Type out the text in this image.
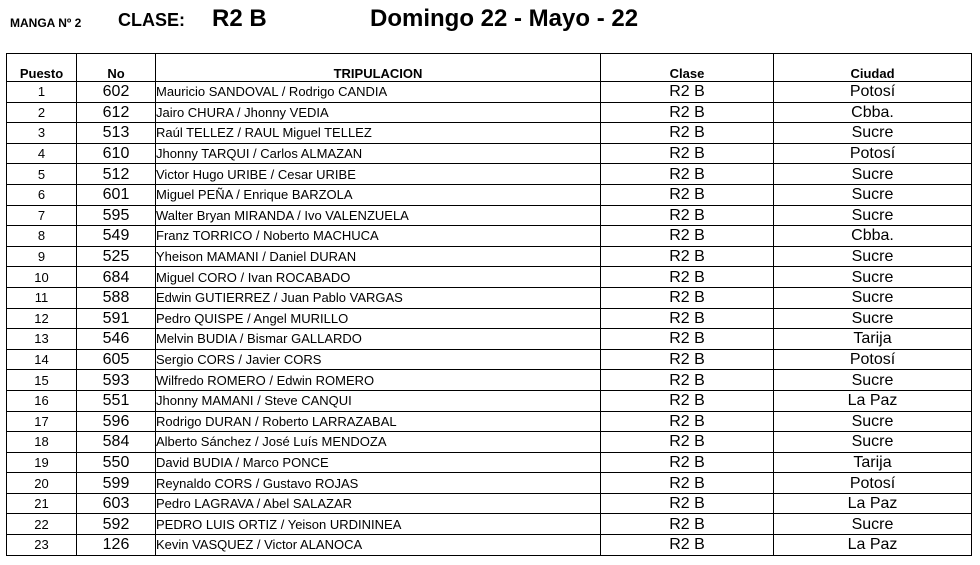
MANGA Nº 2 CLASE: R2 B	Domingo 22 - Mayo - 22
Puesto	No	TRIPULACION	Clase	Ciudad
1	602	Mauricio SANDOVAL / Rodrigo CANDIA	R2 B	Potosí
2	612	Jairo CHURA / Jhonny VEDIA	R2 B	Cbba.
3	513	Raúl TELLEZ / RAUL Miguel TELLEZ	R2 B	Sucre
4	610	Jhonny TARQUI / Carlos ALMAZAN	R2 B	Potosí
5	512	Victor Hugo URIBE / Cesar URIBE	R2 B	Sucre
6	601	Miguel PEÑA / Enrique BARZOLA	R2 B	Sucre
7	595	Walter Bryan MIRANDA / Ivo VALENZUELA	R2 B	Sucre
8	549	Franz TORRICO / Noberto MACHUCA	R2 B	Cbba.
9	525	Yheison MAMANI / Daniel DURAN	R2 B	Sucre
10	684	Miguel CORO / Ivan ROCABADO	R2 B	Sucre
11	588	Edwin GUTIERREZ / Juan Pablo VARGAS	R2 B	Sucre
12	591	Pedro QUISPE / Angel MURILLO	R2 B	Sucre
13	546	Melvin BUDIA / Bismar GALLARDO	R2 B	Tarija
14	605	Sergio CORS / Javier CORS	R2 B	Potosí
15	593	Wilfredo ROMERO / Edwin ROMERO	R2 B	Sucre
16	551	Jhonny MAMANI / Steve CANQUI	R2 B	La Paz
17	596	Rodrigo DURAN / Roberto LARRAZABAL	R2 B	Sucre
18	584	Alberto Sánchez / José Luís MENDOZA	R2 B	Sucre
19	550	David BUDIA / Marco PONCE	R2 B	Tarija
20	599	Reynaldo CORS / Gustavo ROJAS	R2 B	Potosí
21	603	Pedro LAGRAVA / Abel SALAZAR	R2 B	La Paz
22	592	PEDRO LUIS ORTIZ / Yeison URDININEA	R2 B	Sucre
23	126	Kevin VASQUEZ / Victor ALANOCA	R2 B	La Paz
